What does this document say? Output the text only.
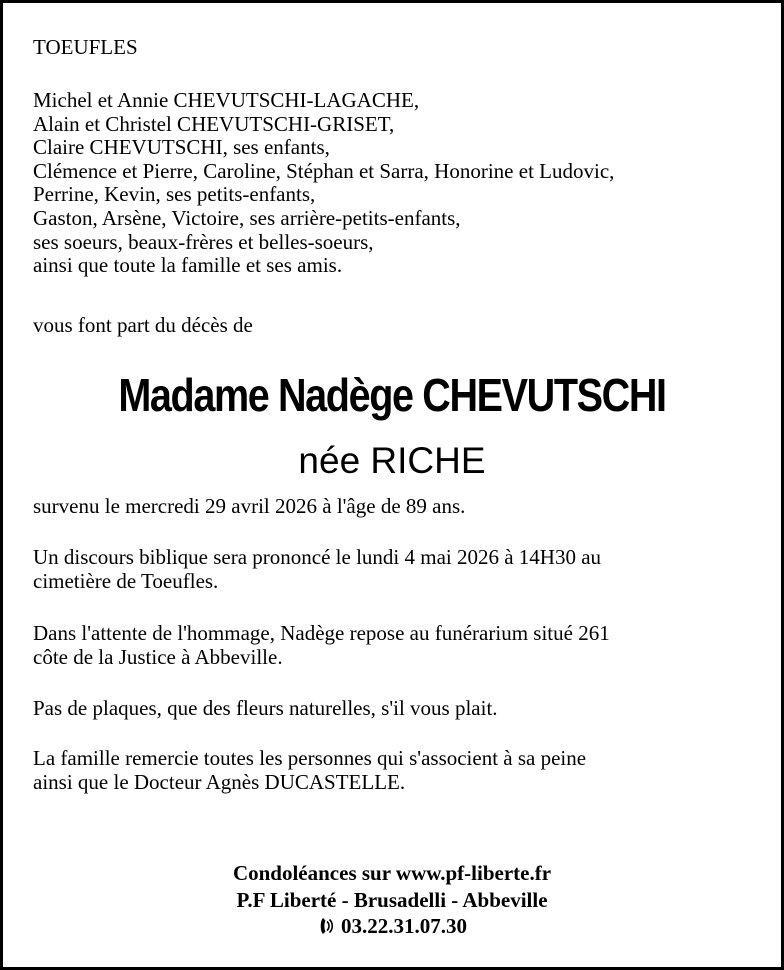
TOEUFLES
Michel et Annie CHEVUTSCHI-LAGACHE,
Alain et Christel CHEVUTSCHI-GRISET,
Claire CHEVUTSCHI, ses enfants,
Clémence et Pierre, Caroline, Stéphan et Sarra, Honorine et Ludovic,
Perrine, Kevin, ses petits-enfants,
Gaston, Arsène, Victoire, ses arrière-petits-enfants,
ses soeurs, beaux-frères et belles-soeurs,
ainsi que toute la famille et ses amis.
vous font part du décès de
Madame Nadège CHEVUTSCHI
née RICHE
survenu le mercredi 29 avril 2026 à l'âge de 89 ans.
Un discours biblique sera prononcé le lundi 4 mai 2026 à 14H30 au
cimetière de Toeufles.
Dans l'attente de l'hommage, Nadège repose au funérarium situé 261
côte de la Justice à Abbeville.
Pas de plaques, que des fleurs naturelles, s'il vous plait.
La famille remercie toutes les personnes qui s'associent à sa peine
ainsi que le Docteur Agnès DUCASTELLE.
Condoléances sur www.pf-liberte.fr
P.F Liberté - Brusadelli - Abbeville
03.22.31.07.30
